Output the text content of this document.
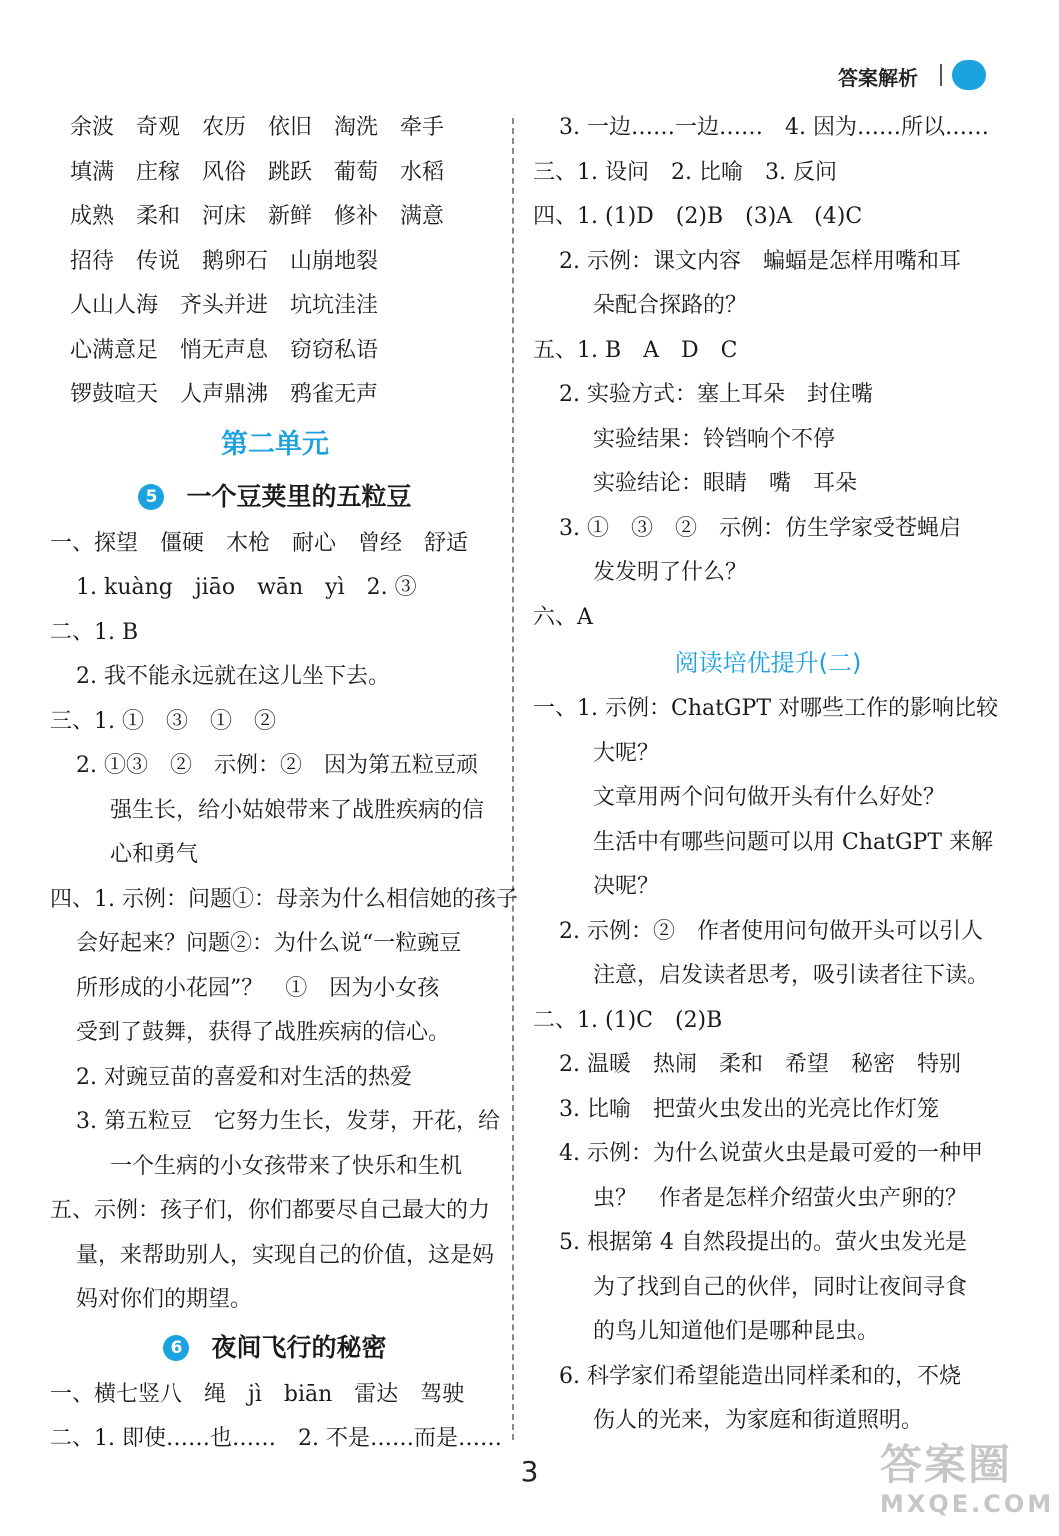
答案解析
余波　奇观　农历　依旧　淘洗　牵手
填满　庄稼　风俗　跳跃　葡萄　水稻
成熟　柔和　河床　新鲜　修补　满意
招待　传说　鹅卵石　山崩地裂
人山人海　齐头并进　坑坑洼洼
心满意足　悄无声息　窃窃私语
锣鼓喧天　人声鼎沸　鸦雀无声
第二单元
5 一个豆荚里的五粒豆
一、探望　僵硬　木枪　耐心　曾经　舒适
1. kuàng　jiāo　wān　yì　2. ③
二、1. B
2. 我不能永远就在这儿坐下去。
三、1. ①　③　①　②
2. ①③　②　示例：②　因为第五粒豆顽
强生长，给小姑娘带来了战胜疾病的信
心和勇气
四、1. 示例：问题①：母亲为什么相信她的孩子
会好起来？问题②：为什么说“一粒豌豆
所形成的小花园”？　①　因为小女孩
受到了鼓舞，获得了战胜疾病的信心。
2. 对豌豆苗的喜爱和对生活的热爱
3. 第五粒豆　它努力生长，发芽，开花，给
一个生病的小女孩带来了快乐和生机
五、示例：孩子们，你们都要尽自己最大的力
量，来帮助别人，实现自己的价值，这是妈
妈对你们的期望。
6 夜间飞行的秘密
一、横七竖八　绳　jì　biān　雷达　驾驶
二、1. 即使……也……　2. 不是……而是……
3. 一边……一边……　4. 因为……所以……
三、1. 设问　2. 比喻　3. 反问
四、1. (1)D　(2)B　(3)A　(4)C
2. 示例：课文内容　蝙蝠是怎样用嘴和耳
朵配合探路的？
五、1. B　A　D　C
2. 实验方式：塞上耳朵　封住嘴
实验结果：铃铛响个不停
实验结论：眼睛　嘴　耳朵
3. ①　③　②　示例：仿生学家受苍蝇启
发发明了什么？
六、A
阅读培优提升(二)
一、1. 示例：ChatGPT 对哪些工作的影响比较
大呢？
文章用两个问句做开头有什么好处？
生活中有哪些问题可以用 ChatGPT 来解
决呢？
2. 示例：②　作者使用问句做开头可以引人
注意，启发读者思考，吸引读者往下读。
二、1. (1)C　(2)B
2. 温暖　热闹　柔和　希望　秘密　特别
3. 比喻　把萤火虫发出的光亮比作灯笼
4. 示例：为什么说萤火虫是最可爱的一种甲
虫？　作者是怎样介绍萤火虫产卵的？
5. 根据第 4 自然段提出的。萤火虫发光是
为了找到自己的伙伴，同时让夜间寻食
的鸟儿知道他们是哪种昆虫。
6. 科学家们希望能造出同样柔和的，不烧
伤人的光来，为家庭和街道照明。
3	答案圈
MXQE.COM
